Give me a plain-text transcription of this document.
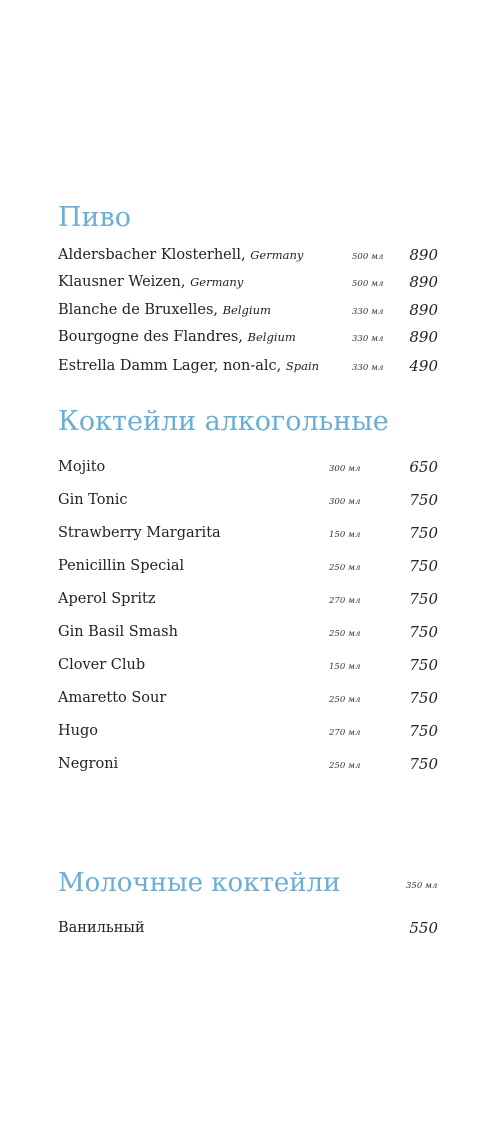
Пиво
Aldersbacher Klosterhell, Germany	500 мл 890
Klausner Weizen, Germany	500 мл 890
Blanche de Bruxelles, Belgium	330 мл 890
Bourgogne des Flandres, Belgium	330 мл 890
Estrella Damm Lager, non-alc, Spain	330 мл 490
Коктейли алкогольные
Mojito	300 мл	650
Gin Tonic	300 мл	750
Strawberry Margarita	150 мл	750
Penicillin Special	250 мл	750
Aperol Spritz	270 мл	750
Gin Basil Smash	250 мл	750
Clover Club	150 мл	750
Amaretto Sour	250 мл	750
Hugo	270 мл	750
Negroni	250 мл	750
Молочные коктейли	350 мл
Ванильный	550
